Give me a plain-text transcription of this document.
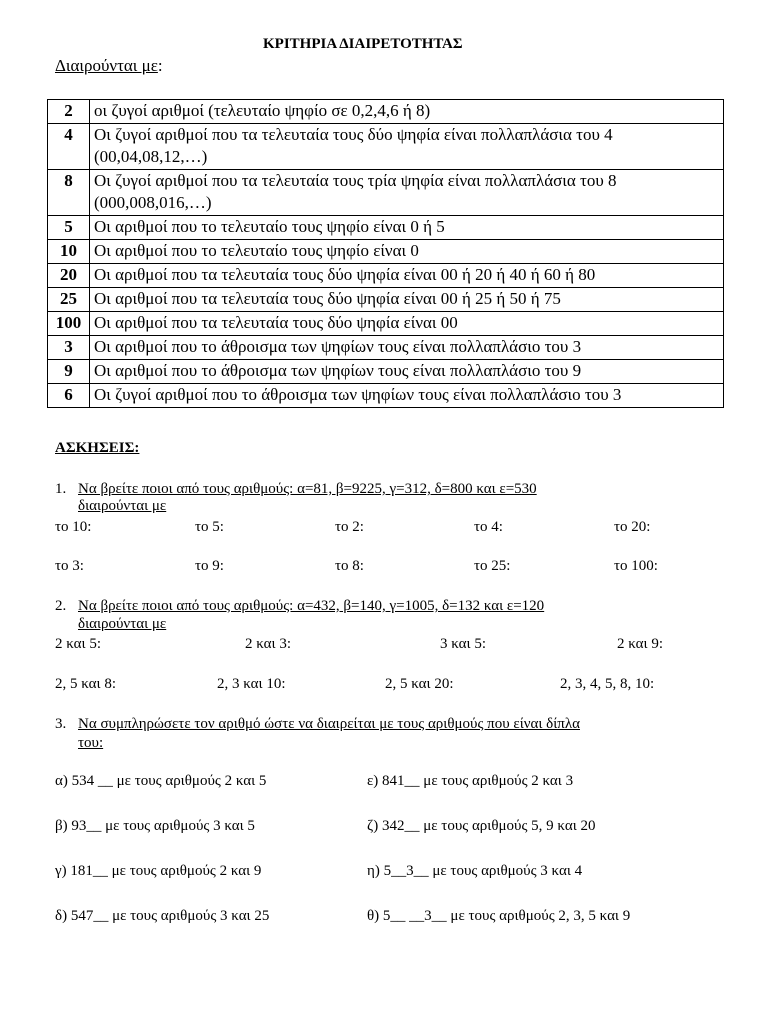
ΚΡΙΤΗΡΙΑ ΔΙΑΙΡΕΤΟΤΗΤΑΣ
Διαιρούνται με:
2	οι ζυγοί αριθμοί (τελευταίο ψηφίο σε 0,2,4,6 ή 8)
4	Οι ζυγοί αριθμοί που τα τελευταία τους δύο ψηφία είναι πολλαπλάσια του 4 (00,04,08,12,…)
8	Οι ζυγοί αριθμοί που τα τελευταία τους τρία ψηφία είναι πολλαπλάσια του 8 (000,008,016,…)
5	Οι αριθμοί που το τελευταίο τους ψηφίο είναι 0 ή 5
10	Οι αριθμοί που το τελευταίο τους ψηφίο είναι 0
20	Οι αριθμοί που τα τελευταία τους δύο ψηφία είναι 00 ή 20 ή 40 ή 60 ή 80
25	Οι αριθμοί που τα τελευταία τους δύο ψηφία είναι 00 ή 25 ή 50 ή 75
100	Οι αριθμοί που τα τελευταία τους δύο ψηφία είναι 00
3	Οι αριθμοί που το άθροισμα των ψηφίων τους είναι πολλαπλάσιο του 3
9	Οι αριθμοί που το άθροισμα των ψηφίων τους είναι πολλαπλάσιο του 9
6	Οι ζυγοί αριθμοί που το άθροισμα των ψηφίων τους είναι πολλαπλάσιο του 3
ΑΣΚΗΣΕΙΣ:
1. Να βρείτε ποιοι από τους αριθμούς: α=81, β=9225, γ=312, δ=800 και ε=530
διαιρούνται με
το 10:	το 5:	το 2:	το 4:	το 20:
το 3:	το 9:	το 8:	το 25:	το 100:
2. Να βρείτε ποιοι από τους αριθμούς: α=432, β=140, γ=1005, δ=132 και ε=120
διαιρούνται με
2 και 5:	2 και 3:	3 και 5:	2 και 9:
2, 5 και 8:	2, 3 και 10:	2, 5 και 20:	2, 3, 4, 5, 8, 10:
3. Να συμπληρώσετε τον αριθμό ώστε να διαιρείται με τους αριθμούς που είναι δίπλα
του:
α) 534 __ με τους αριθμούς 2 και 5
β) 93__ με τους αριθμούς 3 και 5
γ) 181__ με τους αριθμούς 2 και 9
δ) 547__ με τους αριθμούς 3 και 25
ε) 841__ με τους αριθμούς 2 και 3
ζ) 342__ με τους αριθμούς 5, 9 και 20
η) 5__3__ με τους αριθμούς 3 και 4
θ) 5__ __3__ με τους αριθμούς 2, 3, 5 και 9
